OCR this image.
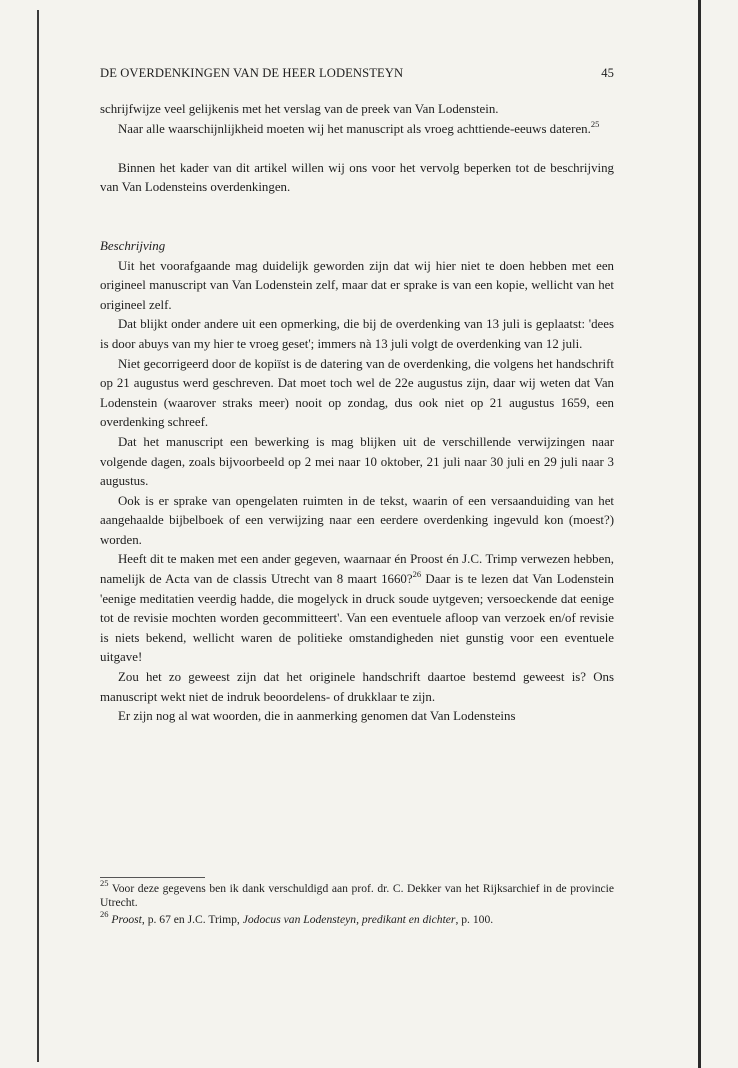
DE OVERDENKINGEN VAN DE HEER LODENSTEYN	45

schrijfwijze veel gelijkenis met het verslag van de preek van Van Lodenstein.

Naar alle waarschijnlijkheid moeten wij het manuscript als vroeg achttiende-eeuws dateren.$^{25}$

Binnen het kader van dit artikel willen wij ons voor het vervolg beperken tot de beschrijving van Van Lodensteins overdenkingen.

Beschrijving

Uit het voorafgaande mag duidelijk geworden zijn dat wij hier niet te doen hebben met een origineel manuscript van Van Lodenstein zelf, maar dat er sprake is van een kopie, wellicht van het origineel zelf.

Dat blijkt onder andere uit een opmerking, die bij de overdenking van 13 juli is geplaatst: 'dees is door abuys van my hier te vroeg geset'; immers nà 13 juli volgt de overdenking van 12 juli.

Niet gecorrigeerd door de kopiïst is de datering van de overdenking, die volgens het handschrift op 21 augustus werd geschreven. Dat moet toch wel de 22e augustus zijn, daar wij weten dat Van Lodenstein (waarover straks meer) nooit op zondag, dus ook niet op 21 augustus 1659, een overdenking schreef.

Dat het manuscript een bewerking is mag blijken uit de verschillende verwijzingen naar volgende dagen, zoals bijvoorbeeld op 2 mei naar 10 oktober, 21 juli naar 30 juli en 29 juli naar 3 augustus.

Ook is er sprake van opengelaten ruimten in de tekst, waarin of een versaanduiding van het aangehaalde bijbelboek of een verwijzing naar een eerdere overdenking ingevuld kon (moest?) worden.

Heeft dit te maken met een ander gegeven, waarnaar én Proost én J.C. Trimp verwezen hebben, namelijk de Acta van de classis Utrecht van 8 maart 1660?$^{26}$ Daar is te lezen dat Van Lodenstein 'eenige meditatien veerdig hadde, die mogelyck in druck soude uytgeven; versoeckende dat eenige tot de revisie mochten worden gecommitteert'. Van een eventuele afloop van verzoek en/of revisie is niets bekend, wellicht waren de politieke omstandigheden niet gunstig voor een eventuele uitgave!

Zou het zo geweest zijn dat het originele handschrift daartoe bestemd geweest is? Ons manuscript wekt niet de indruk beoordelens- of drukklaar te zijn.

Er zijn nog al wat woorden, die in aanmerking genomen dat Van Lodensteins

$^{25}$ Voor deze gegevens ben ik dank verschuldigd aan prof. dr. C. Dekker van het Rijksarchief in de provincie Utrecht.

$^{26}$ Proost, p. 67 en J.C. Trimp, Jodocus van Lodensteyn, predikant en dichter, p. 100.
